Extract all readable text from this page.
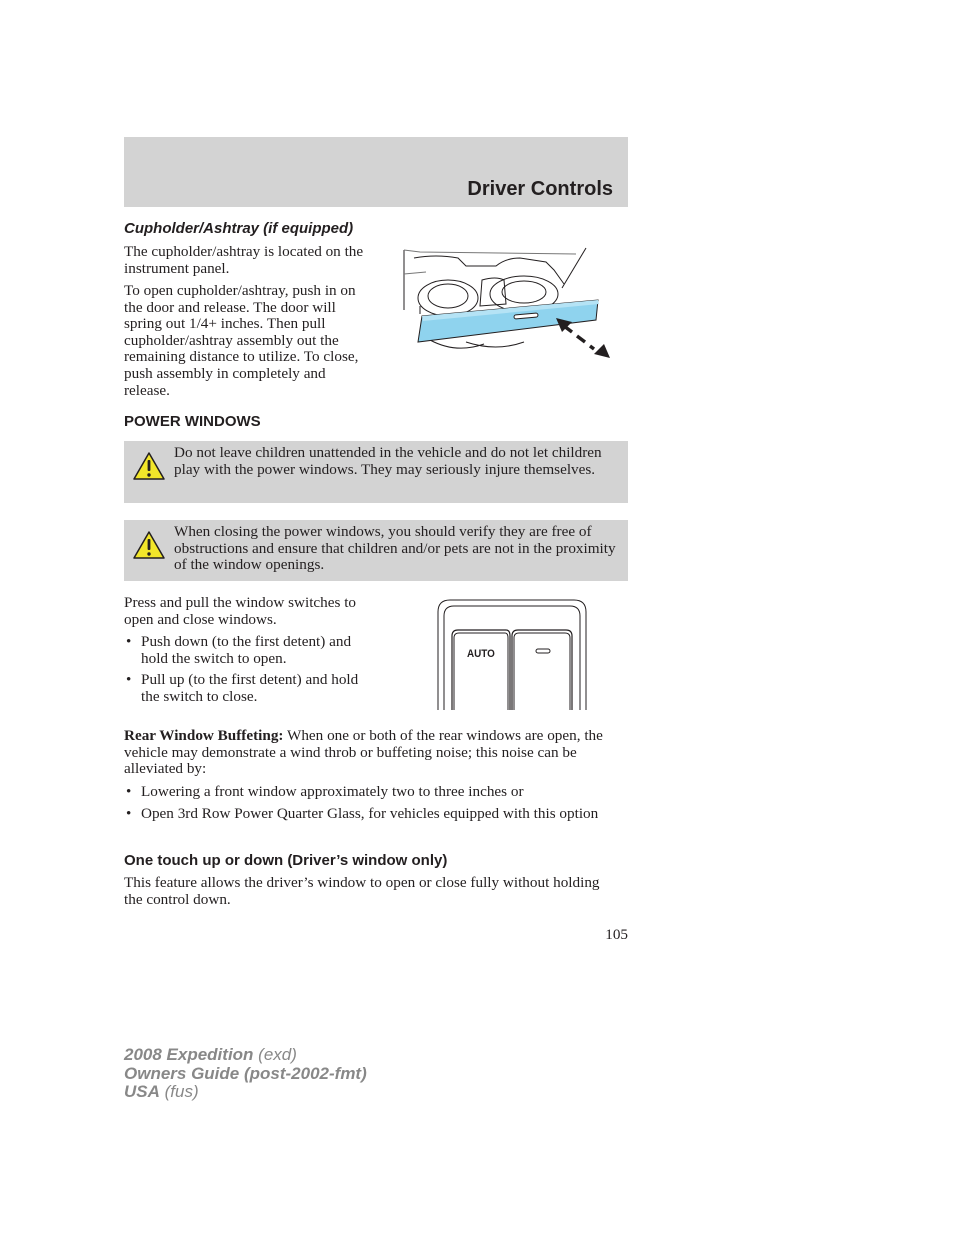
Driver Controls
Cupholder/Ashtray (if equipped)

The cupholder/ashtray is located on the instrument panel.

To open cupholder/ashtray, push in on the door and release. The door will spring out 1/4+ inches. Then pull cupholder/ashtray assembly out the remaining distance to utilize. To close, push assembly in completely and release.

POWER WINDOWS
Do not leave children unattended in the vehicle and do not let children play with the power windows. They may seriously injure themselves.
When closing the power windows, you should verify they are free of obstructions and ensure that children and/or pets are not in the proximity of the window openings.

Press and pull the window switches to open and close windows.

• Push down (to the first detent) and hold the switch to open.
• Pull up (to the first detent) and hold the switch to close.
AUTO

Rear Window Buffeting: When one or both of the rear windows are open, the vehicle may demonstrate a wind throb or buffeting noise; this noise can be alleviated by:

• Lowering a front window approximately two to three inches or
• Open 3rd Row Power Quarter Glass, for vehicles equipped with this option
One touch up or down (Driver’s window only)

This feature allows the driver’s window to open or close fully without holding the control down.

105
2008 Expedition (exd)
Owners Guide (post-2002-fmt)
USA (fus)
